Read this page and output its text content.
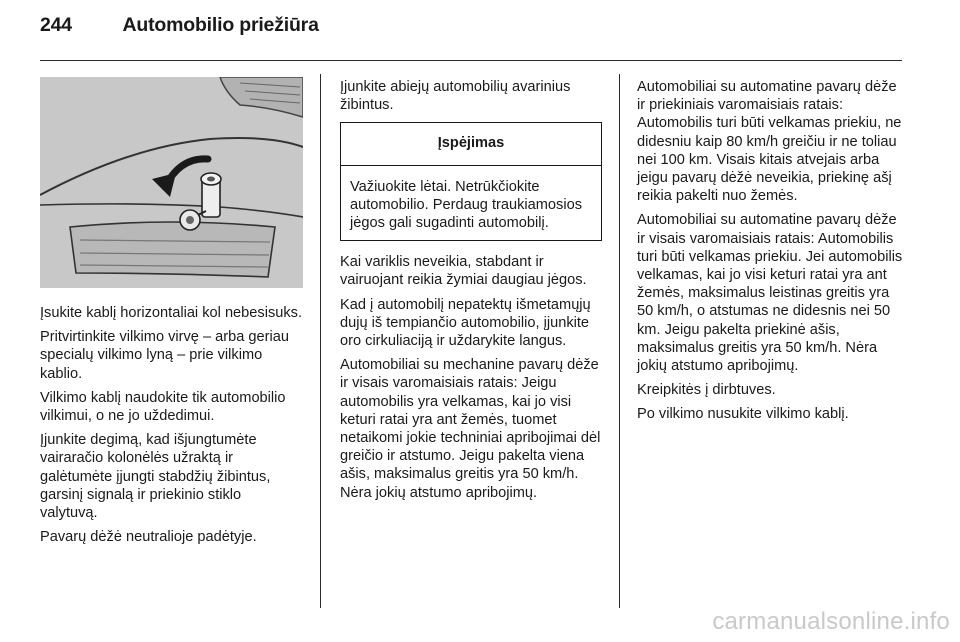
244	Automobilio priežiūra

Įsukite kablį horizontaliai kol nebesisuks.

Pritvirtinkite vilkimo virvę – arba geriau specialų vilkimo lyną – prie vilkimo kablio.

Vilkimo kablį naudokite tik automobilio vilkimui, o ne jo uždedimui.

Įjunkite degimą, kad išjungtumėte vairaračio kolonėlės užraktą ir galėtumėte įjungti stabdžių žibintus, garsinį signalą ir priekinio stiklo valytuvą.

Pavarų dėžė neutralioje padėtyje.

Įjunkite abiejų automobilių avarinius žibintus.

Įspėjimas
Važiuokite lėtai. Netrūkčiokite automobilio. Perdaug traukiamosios jėgos gali sugadinti automobilį.

Kai variklis neveikia, stabdant ir vairuojant reikia žymiai daugiau jėgos.

Kad į automobilį nepatektų išmetamųjų dujų iš tempiančio automobilio, įjunkite oro cirkuliaciją ir uždarykite langus.

Automobiliai su mechanine pavarų dėže ir visais varomaisiais ratais: Jeigu automobilis yra velkamas, kai jo visi keturi ratai yra ant žemės, tuomet netaikomi jokie techniniai apribojimai dėl greičio ir atstumo. Jeigu pakelta viena ašis, maksimalus greitis yra 50 km/h. Nėra jokių atstumo apribojimų.

Automobiliai su automatine pavarų dėže ir priekiniais varomaisiais ratais: Automobilis turi būti velkamas priekiu, ne didesniu kaip 80 km/h greičiu ir ne toliau nei 100 km. Visais kitais atvejais arba jeigu pavarų dėžė neveikia, priekinę ašį reikia pakelti nuo žemės.

Automobiliai su automatine pavarų dėže ir visais varomaisiais ratais: Automobilis turi būti velkamas priekiu. Jei automobilis velkamas, kai jo visi keturi ratai yra ant žemės, maksimalus leistinas greitis yra 50 km/h, o atstumas ne didesnis nei 50 km. Jeigu pakelta priekinė ašis, maksimalus greitis yra 50 km/h. Nėra jokių atstumo apribojimų.

Kreipkitės į dirbtuves.

Po vilkimo nusukite vilkimo kablį.

carmanualsonline.info
